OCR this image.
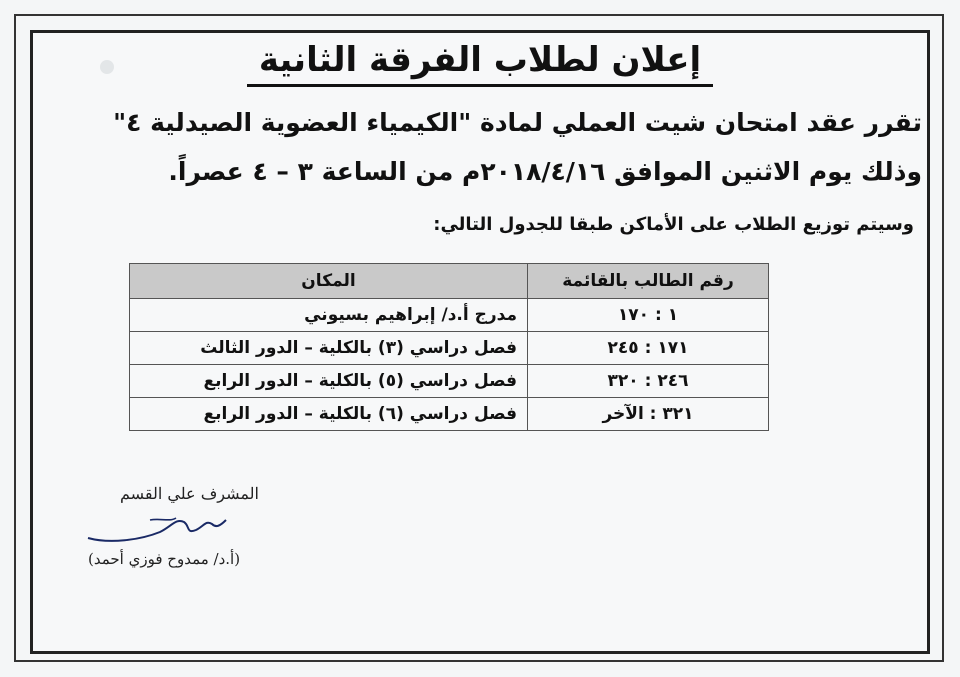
إعلان لطلاب الفرقة الثانية
تقرر عقد امتحان شيت العملي لمادة "الكيمياء العضوية الصيدلية ٤"
وذلك يوم الاثنين الموافق ٢٠١٨/٤/١٦م من الساعة ٣ – ٤ عصراً.
وسيتم توزيع الطلاب على الأماكن طبقا للجدول التالي:
رقم الطالب بالقائمة	المكان
١ : ١٧٠	مدرج أ.د/ إبراهيم بسيوني
١٧١ : ٢٤٥	فصل دراسي (٣) بالكلية – الدور الثالث
٢٤٦ : ٣٢٠	فصل دراسي (٥) بالكلية – الدور الرابع
٣٢١ : الآخر	فصل دراسي (٦) بالكلية – الدور الرابع
المشرف علي القسم
(أ.د/ ممدوح فوزي أحمد)
